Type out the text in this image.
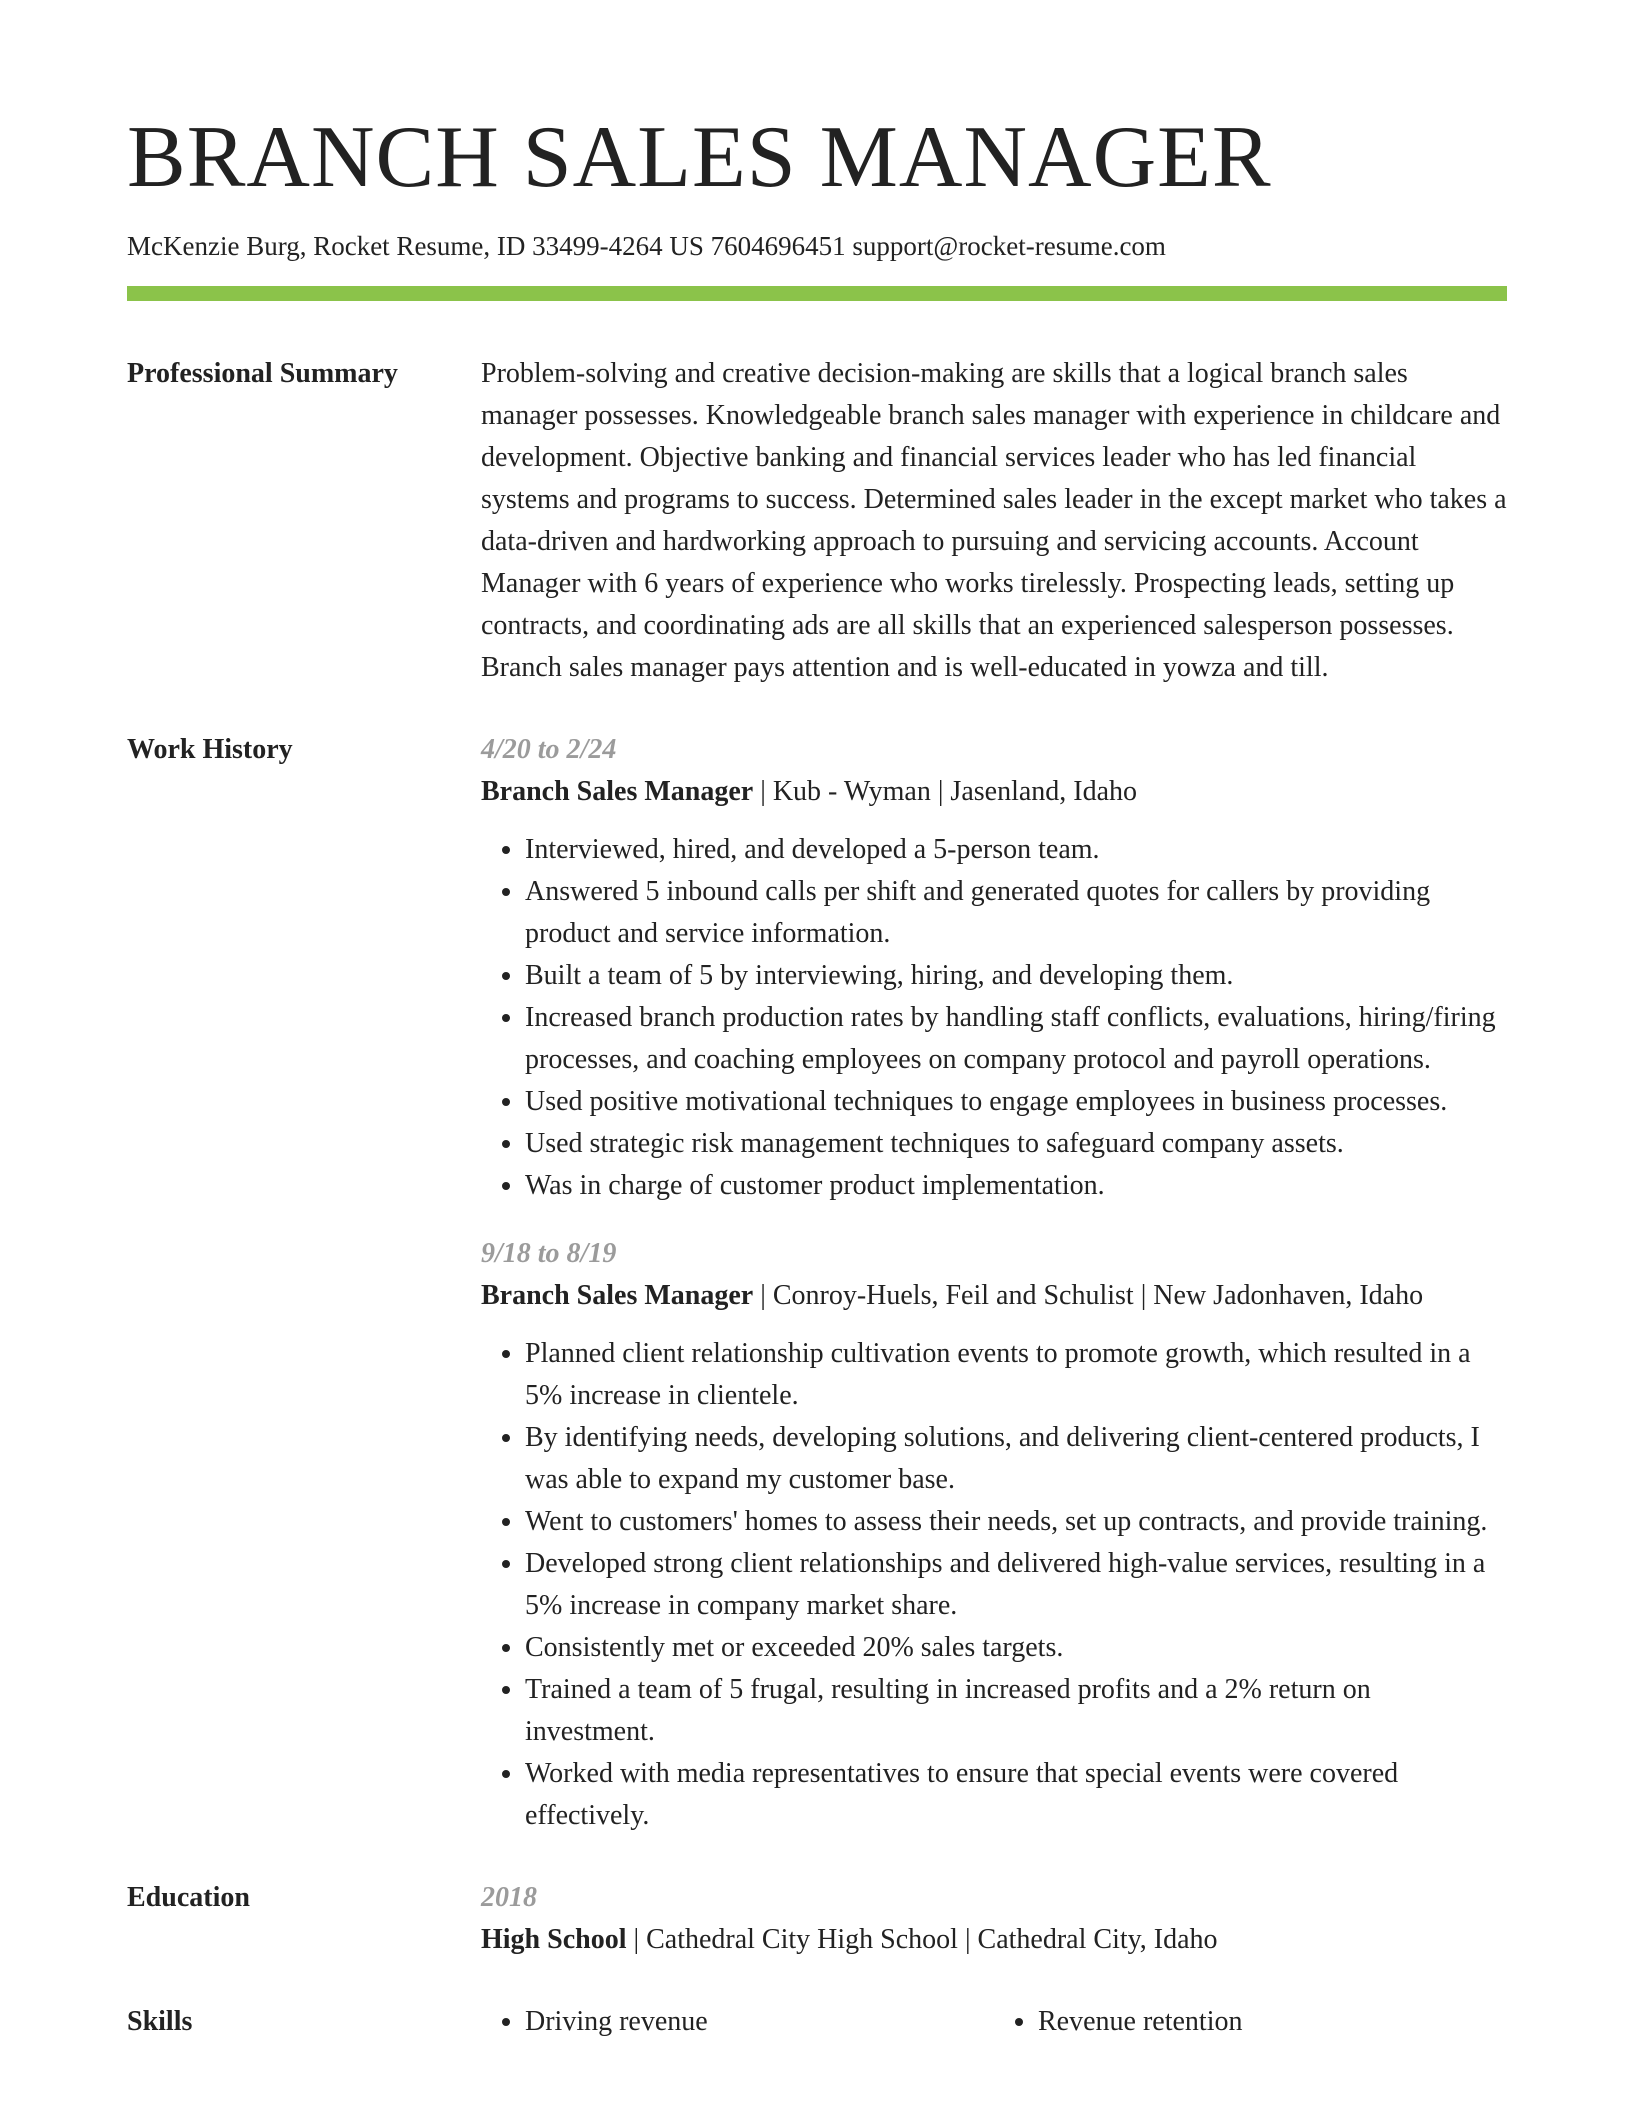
BRANCH SALES MANAGER
McKenzie Burg, Rocket Resume, ID 33499-4264 US 7604696451 support@rocket-resume.com
Professional Summary	Problem-solving and creative decision-making are skills that a logical branch sales manager possesses. Knowledgeable branch sales manager with experience in childcare and development. Objective banking and financial services leader who has led financial systems and programs to success. Determined sales leader in the except market who takes a data-driven and hardworking approach to pursuing and servicing accounts. Account Manager with 6 years of experience who works tirelessly. Prospecting leads, setting up contracts, and coordinating ads are all skills that an experienced salesperson possesses. Branch sales manager pays attention and is well-educated in yowza and till.

Work History	4/20 to 2/24
Branch Sales Manager | Kub - Wyman | Jasenland, Idaho
• Interviewed, hired, and developed a 5-person team.
• Answered 5 inbound calls per shift and generated quotes for callers by providing product and service information.
• Built a team of 5 by interviewing, hiring, and developing them.
• Increased branch production rates by handling staff conflicts, evaluations, hiring/firing processes, and coaching employees on company protocol and payroll operations.
• Used positive motivational techniques to engage employees in business processes.
• Used strategic risk management techniques to safeguard company assets.
• Was in charge of customer product implementation.
9/18 to 8/19
Branch Sales Manager | Conroy-Huels, Feil and Schulist | New Jadonhaven, Idaho
• Planned client relationship cultivation events to promote growth, which resulted in a 5% increase in clientele.
• By identifying needs, developing solutions, and delivering client-centered products, I was able to expand my customer base.
• Went to customers' homes to assess their needs, set up contracts, and provide training.
• Developed strong client relationships and delivered high-value services, resulting in a 5% increase in company market share.
• Consistently met or exceeded 20% sales targets.
• Trained a team of 5 frugal, resulting in increased profits and a 2% return on investment.
• Worked with media representatives to ensure that special events were covered effectively.
Education	2018
High School | Cathedral City High School | Cathedral City, Idaho
Skills	• Driving revenue	• Revenue retention
